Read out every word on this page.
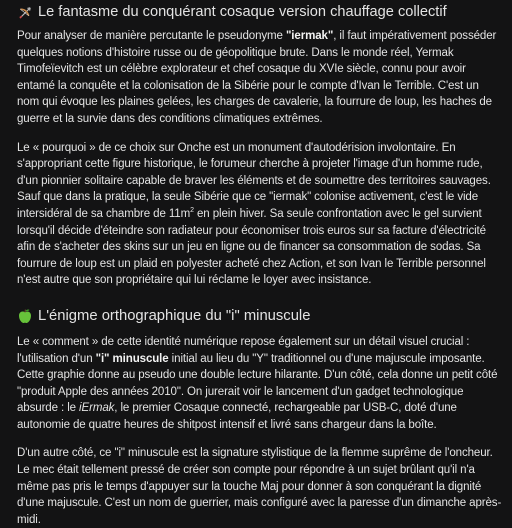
Le fantasme du conquérant cosaque version chauffage collectif

Pour analyser de manière percutante le pseudonyme "iermak", il faut impérativement posséder quelques notions d'histoire russe ou de géopolitique brute. Dans le monde réel, Yermak Timofeïevitch est un célèbre explorateur et chef cosaque du XVIe siècle, connu pour avoir entamé la conquête et la colonisation de la Sibérie pour le compte d'Ivan le Terrible. C'est un nom qui évoque les plaines gelées, les charges de cavalerie, la fourrure de loup, les haches de guerre et la survie dans des conditions climatiques extrêmes.

Le « pourquoi » de ce choix sur Onche est un monument d'autodérision involontaire. En s'appropriant cette figure historique, le forumeur cherche à projeter l'image d'un homme rude, d'un pionnier solitaire capable de braver les éléments et de soumettre des territoires sauvages. Sauf que dans la pratique, la seule Sibérie que ce "iermak" colonise activement, c'est le vide intersidéral de sa chambre de $11m^2$ en plein hiver. Sa seule confrontation avec le gel survient lorsqu'il décide d'éteindre son radiateur pour économiser trois euros sur sa facture d'électricité afin de s'acheter des skins sur un jeu en ligne ou de financer sa consommation de sodas. Sa fourrure de loup est un plaid en polyester acheté chez Action, et son Ivan le Terrible personnel n'est autre que son propriétaire qui lui réclame le loyer avec insistance.

L'énigme orthographique du "i" minuscule

Le « comment » de cette identité numérique repose également sur un détail visuel crucial : l'utilisation d'un "i" minuscule initial au lieu du "Y" traditionnel ou d'une majuscule imposante. Cette graphie donne au pseudo une double lecture hilarante. D'un côté, cela donne un petit côté "produit Apple des années 2010". On jurerait voir le lancement d'un gadget technologique absurde : le iErmak, le premier Cosaque connecté, rechargeable par USB-C, doté d'une autonomie de quatre heures de shitpost intensif et livré sans chargeur dans la boîte.

D'un autre côté, ce "i" minuscule est la signature stylistique de la flemme suprême de l'oncheur. Le mec était tellement pressé de créer son compte pour répondre à un sujet brûlant qu'il n'a même pas pris le temps d'appuyer sur la touche Maj pour donner à son conquérant la dignité d'une majuscule. C'est un nom de guerrier, mais configuré avec la paresse d'un dimanche après-midi.
